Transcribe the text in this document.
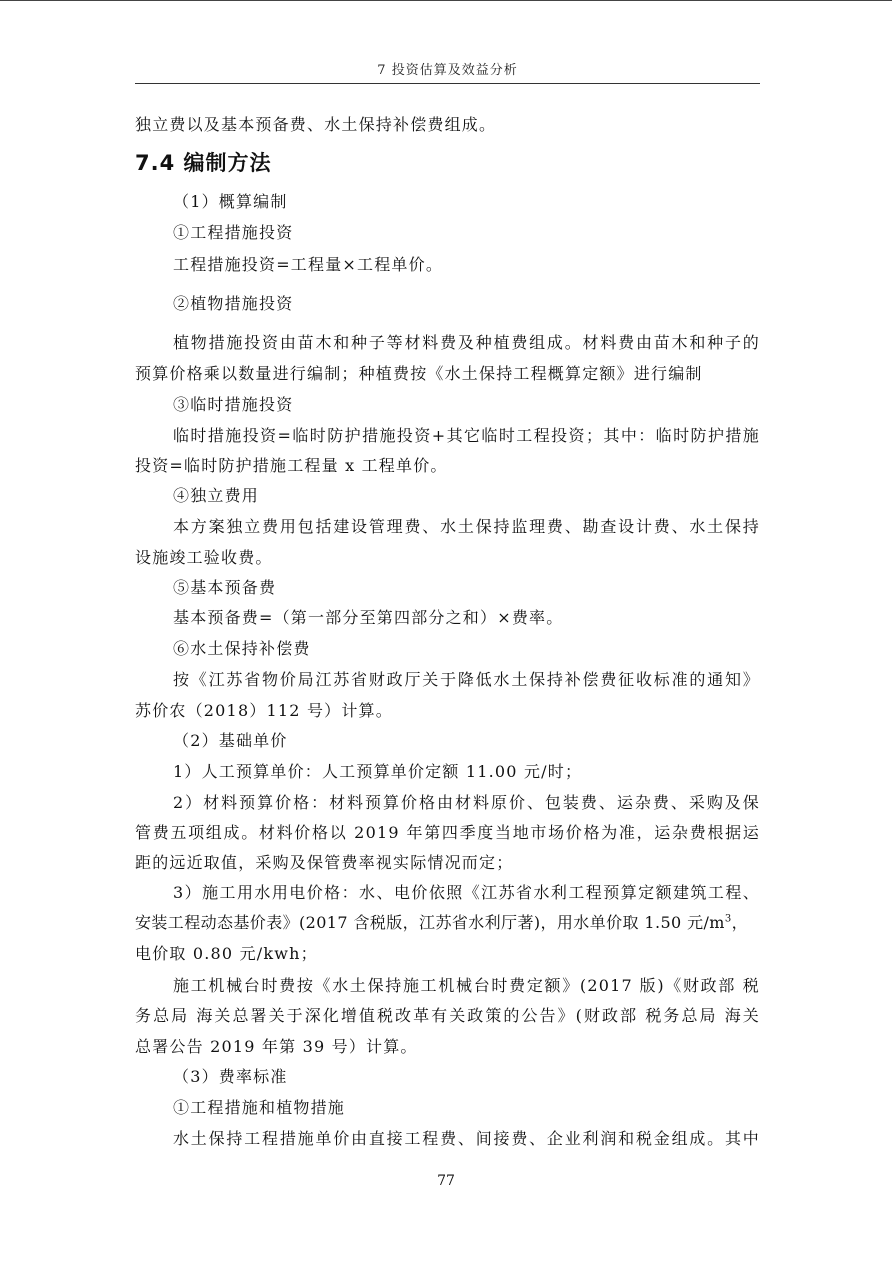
7 投资估算及效益分析
独立费以及基本预备费、水土保持补偿费组成。
7.4 编制方法
（1）概算编制
①工程措施投资
工程措施投资=工程量×工程单价。
②植物措施投资
植物措施投资由苗木和种子等材料费及种植费组成。材料费由苗木和种子的
预算价格乘以数量进行编制；种植费按《水土保持工程概算定额》进行编制
③临时措施投资
临时措施投资=临时防护措施投资+其它临时工程投资；其中：临时防护措施
投资=临时防护措施工程量 x 工程单价。
④独立费用
本方案独立费用包括建设管理费、水土保持监理费、勘查设计费、水土保持
设施竣工验收费。
⑤基本预备费
基本预备费=（第一部分至第四部分之和）×费率。
⑥水土保持补偿费
按《江苏省物价局江苏省财政厅关于降低水土保持补偿费征收标准的通知》
苏价农（2018）112 号）计算。
（2）基础单价
1）人工预算单价：人工预算单价定额 11.00 元/时；
2）材料预算价格：材料预算价格由材料原价、包装费、运杂费、采购及保
管费五项组成。材料价格以 2019 年第四季度当地市场价格为准，运杂费根据运
距的远近取值，采购及保管费率视实际情况而定；
3）施工用水用电价格：水、电价依照《江苏省水利工程预算定额建筑工程、
安装工程动态基价表》(2017 含税版，江苏省水利厅著)，用水单价取 1.50 元$/m^3$，
电价取 0.80 元/kwh；
施工机械台时费按《水土保持施工机械台时费定额》(2017 版)《财政部 税
务总局 海关总署关于深化增值税改革有关政策的公告》(财政部 税务总局 海关
总署公告 2019 年第 39 号）计算。
（3）费率标准
①工程措施和植物措施
水土保持工程措施单价由直接工程费、间接费、企业利润和税金组成。其中
77
